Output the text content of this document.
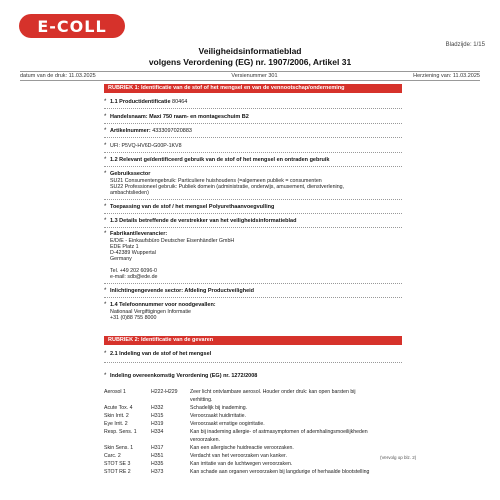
E-COLL
Bladzijde: 1/15
Veiligheidsinformatieblad
volgens Verordening (EG) nr. 1907/2006, Artikel 31
datum van de druk: 11.03.2025	Versienummer 301	Herziening van: 11.03.2025
RUBRIEK 1: Identificatie van de stof of het mengsel en van de vennootschap/onderneming
* 1.1 Productidentificatie 80464
* Handelsnaam: Maxi 750 raam- en montageschuim B2
* Artikelnummer: 4333097020883
* UFI: P5VQ-HV6D-G00P-1KV8
* 1.2 Relevant geïdentificeerd gebruik van de stof of het mengsel en ontraden gebruik
* Gebruikssector
SU21 Consumentengebruik: Particuliere huishoudens (=algemeen publiek = consumenten
SU22 Professioneel gebruik: Publiek domein (administratie, onderwijs, amusement, dienstverlening,
ambachtslieden)
* Toepassing van de stof / het mengsel Polyurethaanvoegvulling
* 1.3 Details betreffende de verstrekker van het veiligheidsinformatieblad
* Fabrikant/leverancier:
E/D/E - Einkaufsbüro Deutscher Eisenhändler GmbH
EDE Platz 1
D-42389 Wuppertal
Germany
Tel. +49 202 6096-0
e-mail: sdb@ede.de
* Inlichtingengevende sector: Afdeling Productveiligheid
* 1.4 Telefoonnummer voor noodgevallen:
Nationaal Vergiftigingen Informatie
+31 (0)88 755 8000
RUBRIEK 2: Identificatie van de gevaren
* 2.1 Indeling van de stof of het mengsel
* Indeling overeenkomstig Verordening (EG) nr. 1272/2008
Aerosol 1	H222-H229	Zeer licht ontvlambare aerosol. Houder onder druk: kan open barsten bij
		verhitting.
Acute Tox. 4	H332	Schadelijk bij inademing.
Skin Irrit. 2	H315	Veroorzaakt huidirritatie.
Eye Irrit. 2	H319	Veroorzaakt ernstige oogirritatie.
Resp. Sens. 1	H334	Kan bij inademing allergie- of astmasymptomen of ademhalingsmoeilijkheden
		veroorzaken.
Skin Sens. 1	H317	Kan een allergische huidreactie veroorzaken.
Carc. 2	H351	Verdacht van het veroorzaken van kanker.
STOT SE 3	H335	Kan irritatie van de luchtwegen veroorzaken.
STOT RE 2	H373	Kan schade aan organen veroorzaken bij langdurige of herhaalde blootstelling
(Vervolg op blz. 2)
